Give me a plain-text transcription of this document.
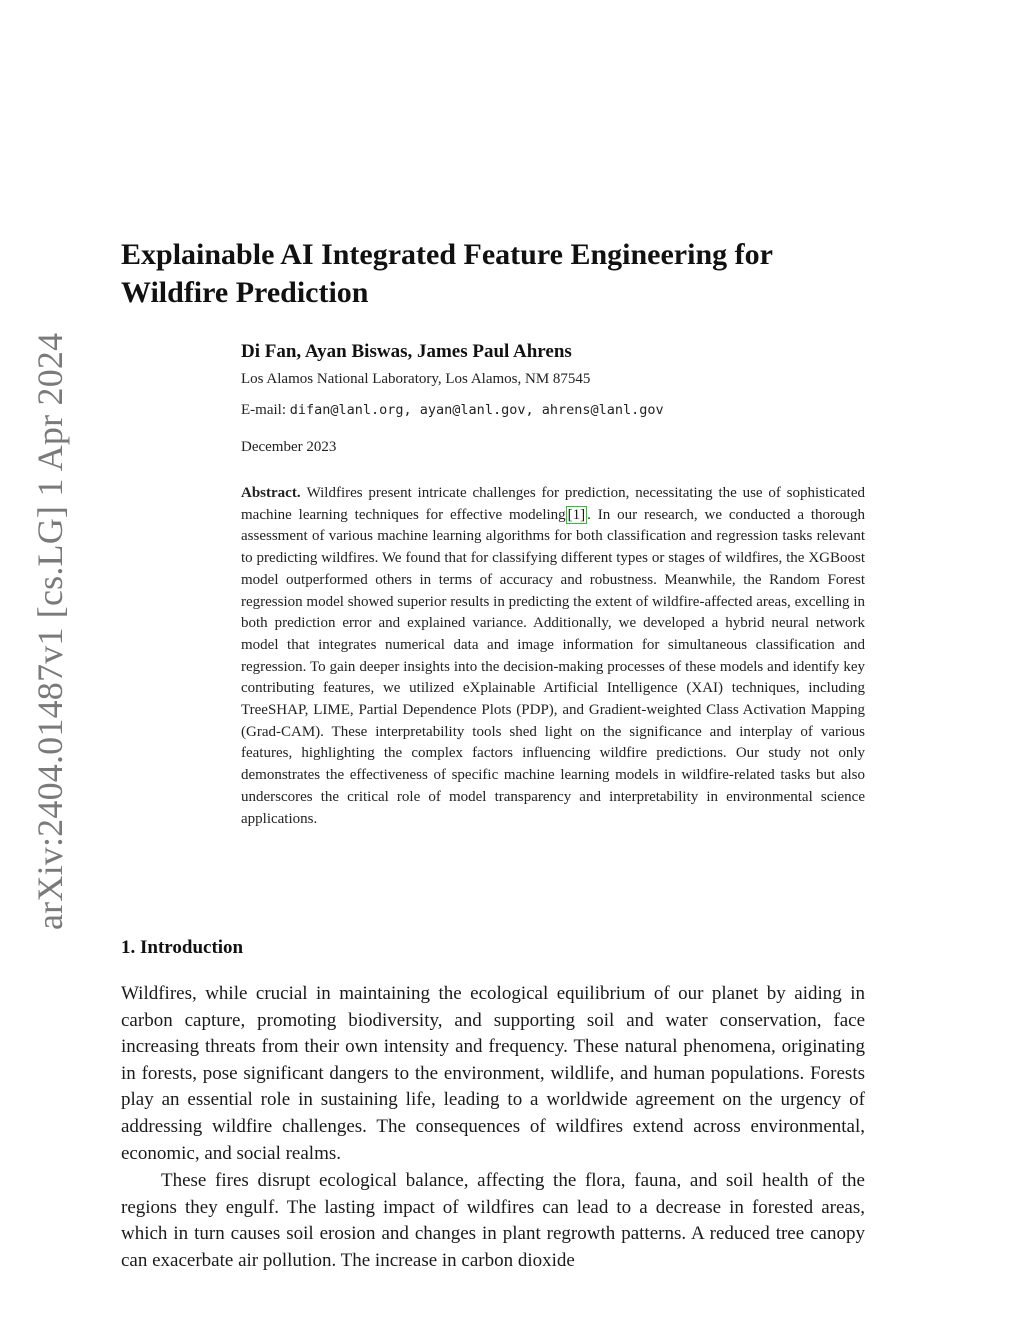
arXiv:2404.01487v1 [cs.LG] 1 Apr 2024
Explainable AI Integrated Feature Engineering for Wildfire Prediction

Di Fan, Ayan Biswas, James Paul Ahrens

Los Alamos National Laboratory, Los Alamos, NM 87545

E-mail: difan@lanl.org, ayan@lanl.gov, ahrens@lanl.gov

December 2023

Abstract. Wildfires present intricate challenges for prediction, necessitating the use of sophisticated machine learning techniques for effective modeling [1] . In our research, we conducted a thorough assessment of various machine learning algorithms for both classification and regression tasks relevant to predicting wildfires. We found that for classifying different types or stages of wildfires, the XGBoost model outperformed others in terms of accuracy and robustness. Meanwhile, the Random Forest regression model showed superior results in predicting the extent of wildfire-affected areas, excelling in both prediction error and explained variance. Additionally, we developed a hybrid neural network model that integrates numerical data and image information for simultaneous classification and regression. To gain deeper insights into the decision-making processes of these models and identify key contributing features, we utilized eXplainable Artificial Intelligence (XAI) techniques, including TreeSHAP, LIME, Partial Dependence Plots (PDP), and Gradient-weighted Class Activation Mapping (Grad-CAM). These interpretability tools shed light on the significance and interplay of various features, highlighting the complex factors influencing wildfire predictions. Our study not only demonstrates the effectiveness of specific machine learning models in wildfire-related tasks but also underscores the critical role of model transparency and interpretability in environmental science applications.

1. Introduction

Wildfires, while crucial in maintaining the ecological equilibrium of our planet by aiding in carbon capture, promoting biodiversity, and supporting soil and water conservation, face increasing threats from their own intensity and frequency. These natural phenomena, originating in forests, pose significant dangers to the environment, wildlife, and human populations. Forests play an essential role in sustaining life, leading to a worldwide agreement on the urgency of addressing wildfire challenges. The consequences of wildfires extend across environmental, economic, and social realms.

These fires disrupt ecological balance, affecting the flora, fauna, and soil health of the regions they engulf. The lasting impact of wildfires can lead to a decrease in forested areas, which in turn causes soil erosion and changes in plant regrowth patterns. A reduced tree canopy can exacerbate air pollution. The increase in carbon dioxide
